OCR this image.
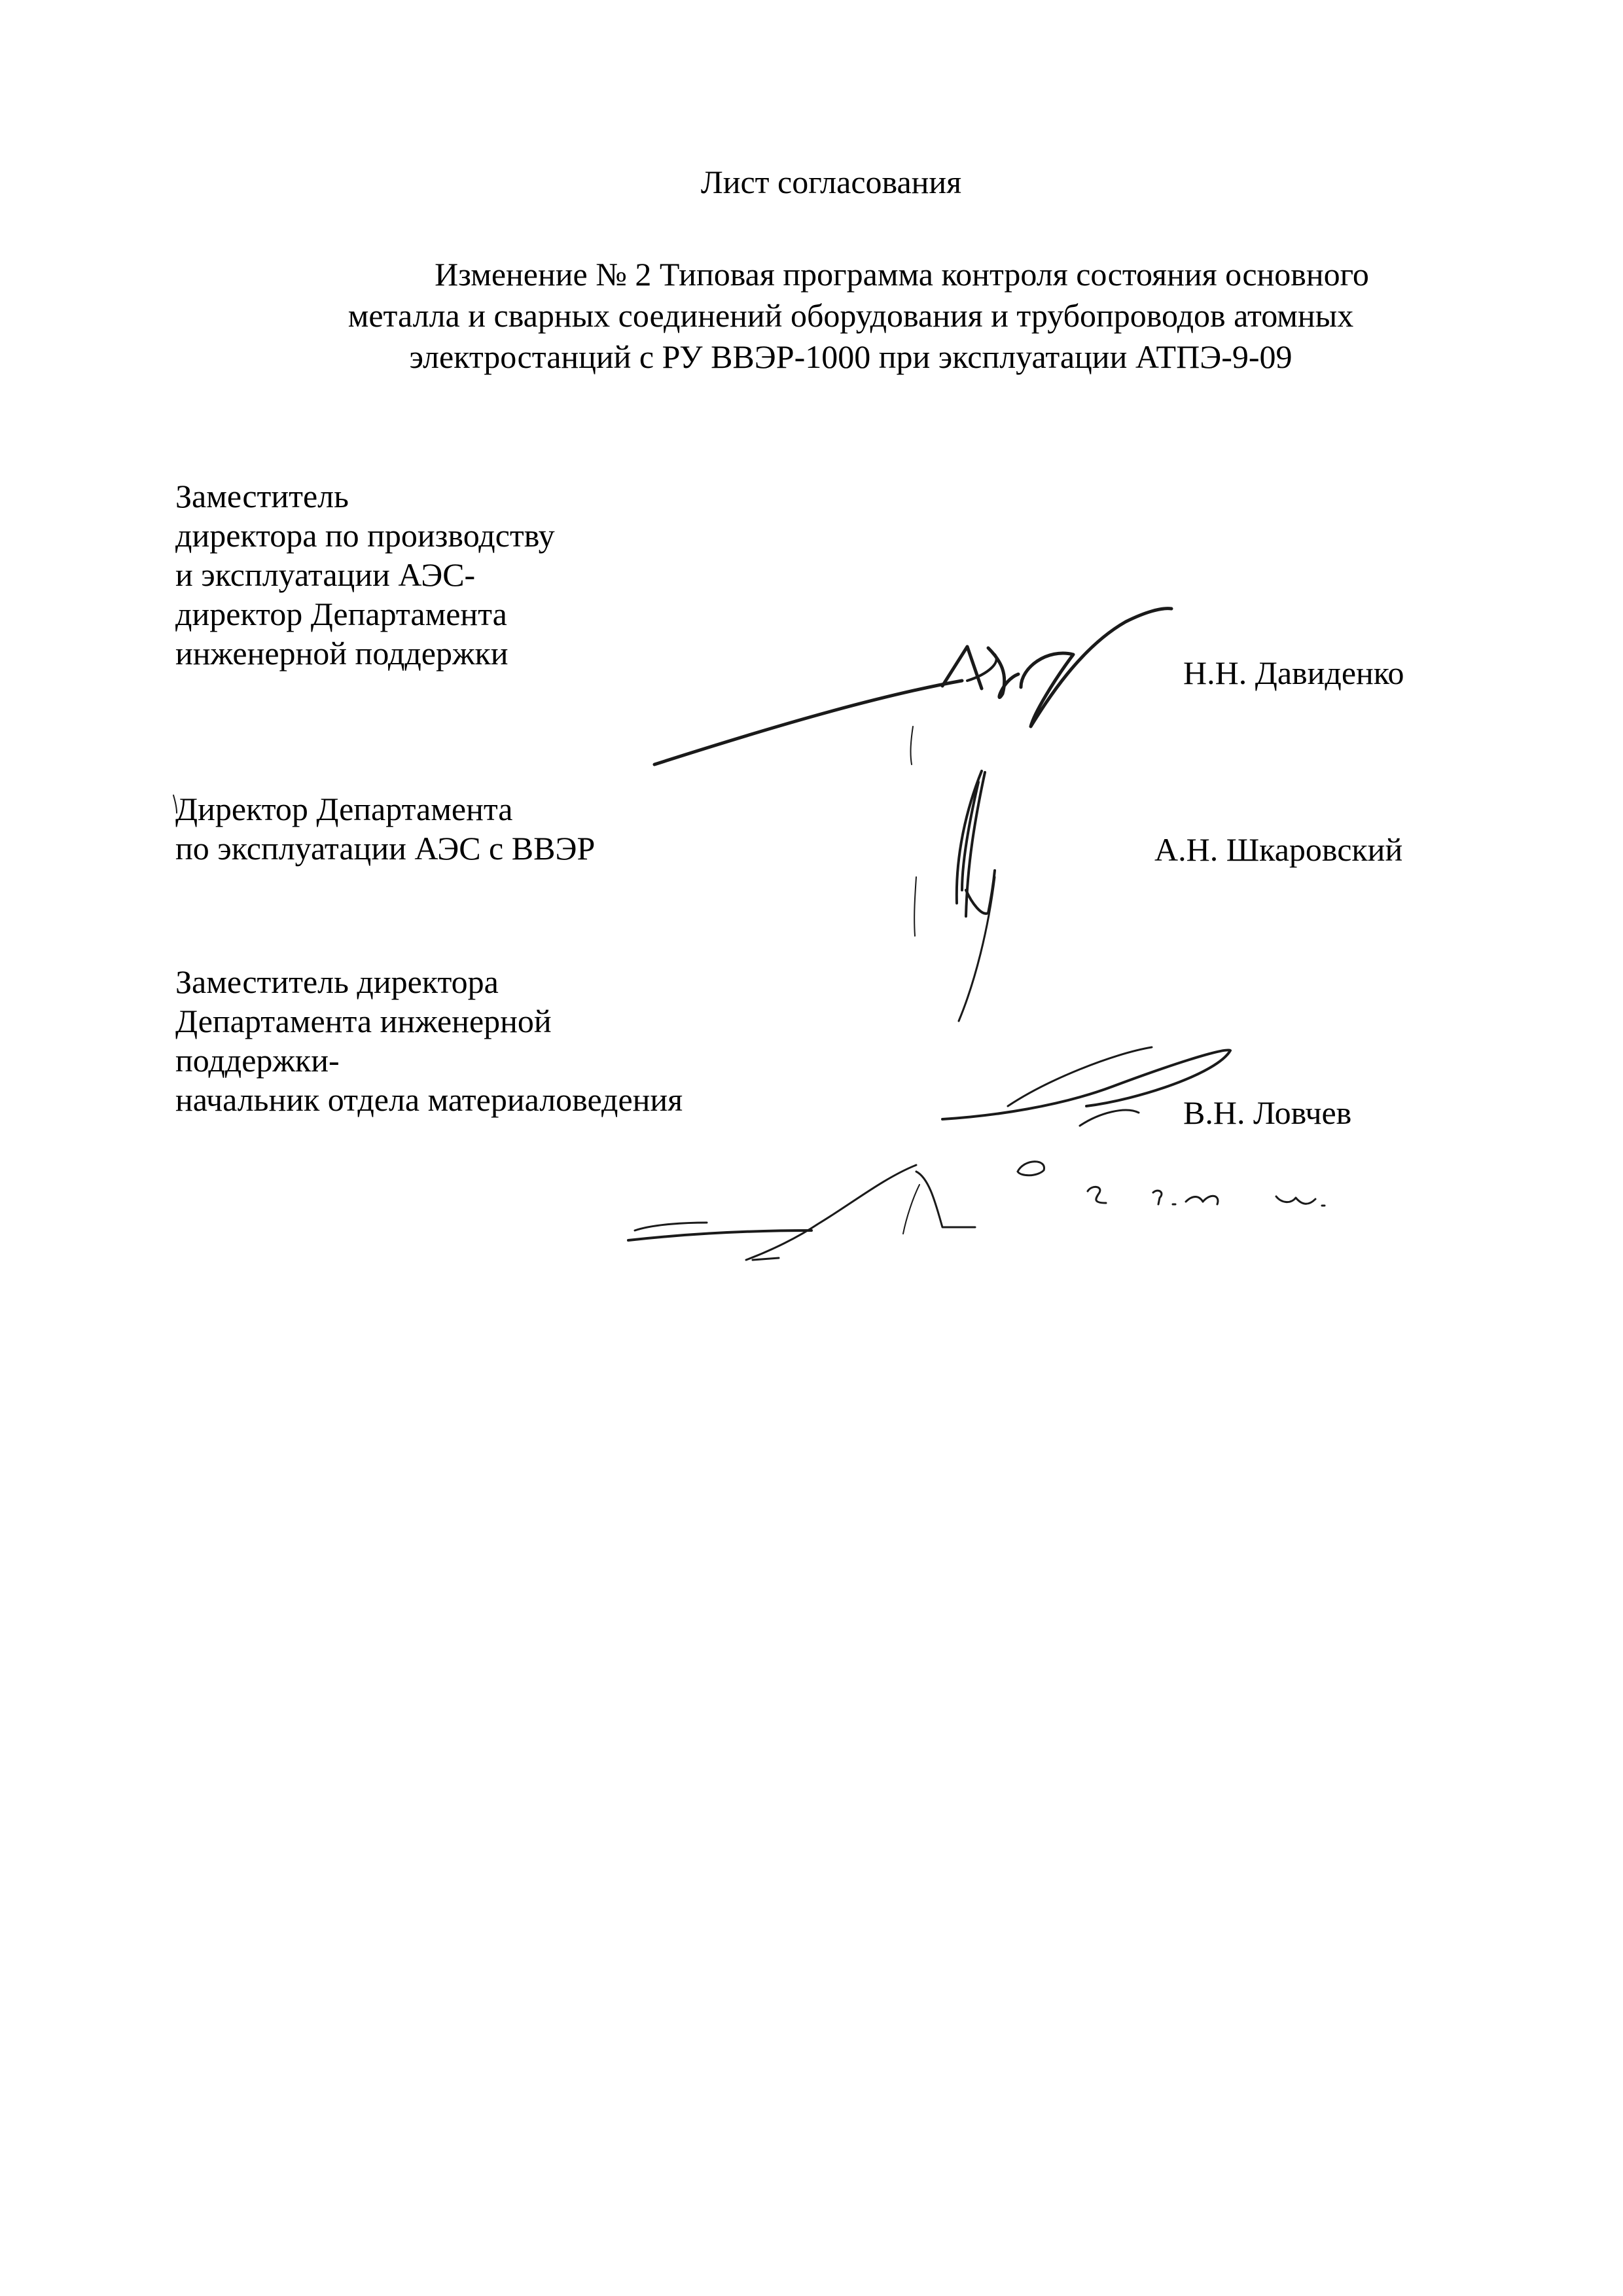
Лист согласования
Изменение № 2 Типовая программа контроля состояния основного
металла и сварных соединений оборудования и трубопроводов атомных
электростанций с РУ ВВЭР-1000 при эксплуатации АТПЭ-9-09
Заместитель
директора по производству
и эксплуатации АЭС-
директор Департамента
инженерной поддержки
Н.Н. Давиденко
Директор Департамента
по эксплуатации АЭС с ВВЭР	А.Н. Шкаровский
Заместитель директора
Департамента инженерной
поддержки-
начальник отдела материаловедения	В.Н. Ловчев
